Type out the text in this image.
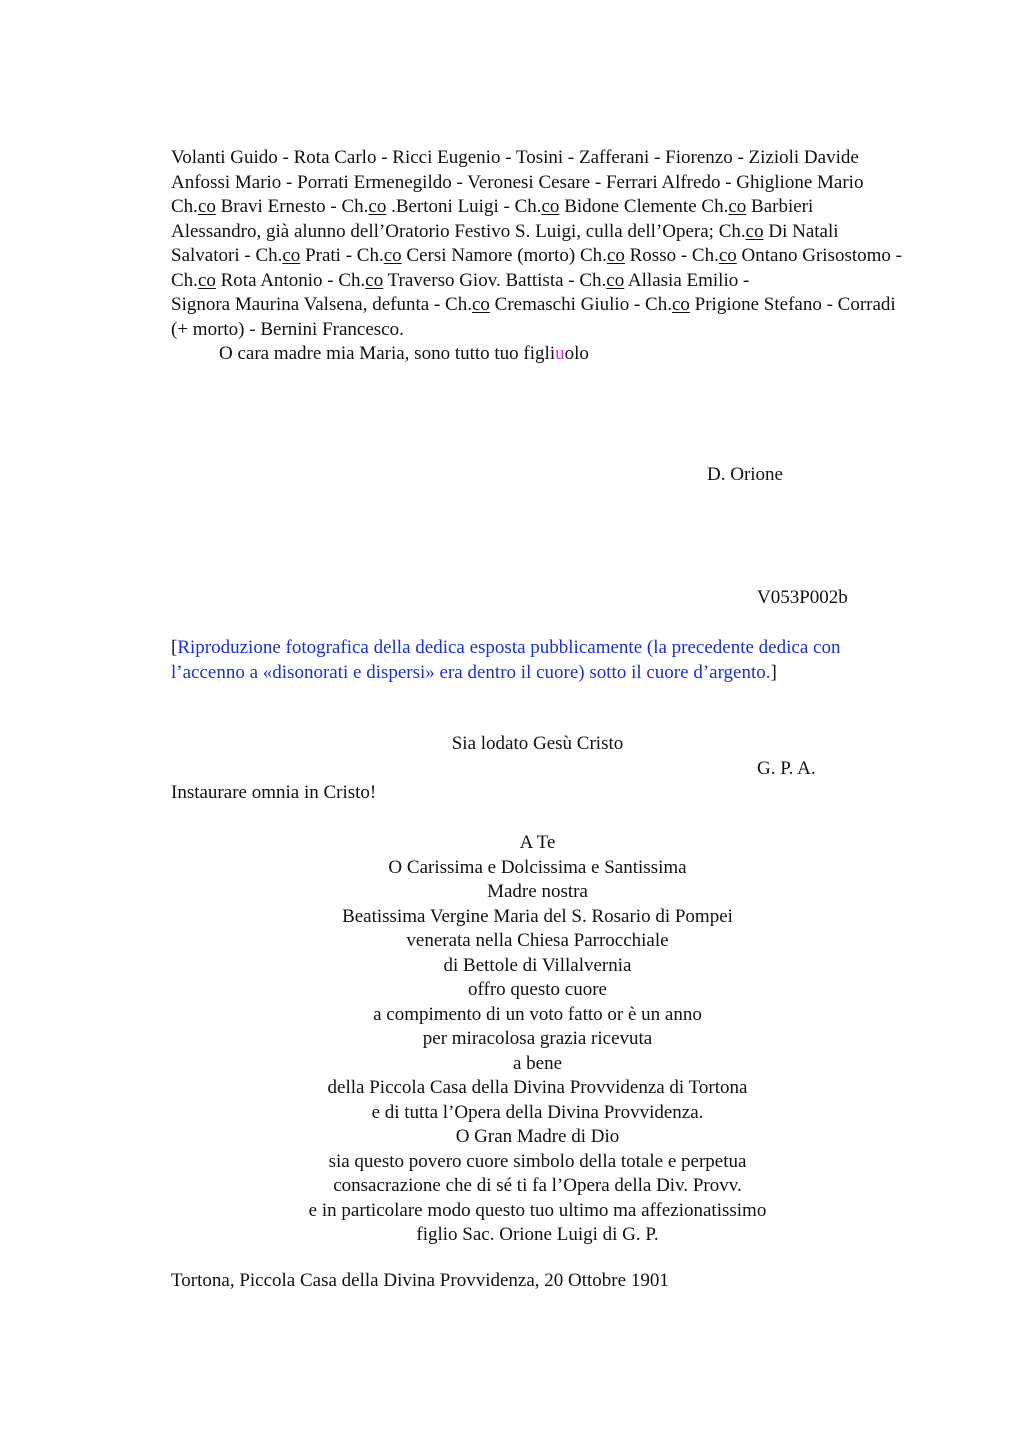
Volanti Guido - Rota Carlo - Ricci Eugenio - Tosini - Zafferani - Fiorenzo - Zizioli Davide

Anfossi Mario - Porrati Ermenegildo - Veronesi Cesare - Ferrari Alfredo - Ghiglione Mario

Ch.co Bravi Ernesto - Ch.co .Bertoni Luigi - Ch.co Bidone Clemente Ch.co Barbieri Alessandro, già alunno dell’Oratorio Festivo S. Luigi, culla dell’Opera; Ch.co Di Natali Salvatori - Ch.co Prati - Ch.co Cersi Namore (morto) Ch.co Rosso - Ch.co Ontano Grisostomo - Ch.co Rota Antonio - Ch.co Traverso Giov. Battista - Ch.co Allasia Emilio -

Signora Maurina Valsena, defunta - Ch.co Cremaschi Giulio - Ch.co Prigione Stefano - Corradi (+ morto) - Bernini Francesco.

O cara madre mia Maria, sono tutto tuo figliuolo

D. Orione
V053P002b
[Riproduzione fotografica della dedica esposta pubblicamente (la precedente dedica con l’accenno a «disonorati e dispersi» era dentro il cuore) sotto il cuore d’argento.]
Sia lodato Gesù Cristo
G. P. A.
Instaurare omnia in Cristo!
A Te
O Carissima e Dolcissima e Santissima
Madre nostra
Beatissima Vergine Maria del S. Rosario di Pompei
venerata nella Chiesa Parrocchiale
di Bettole di Villalvernia
offro questo cuore
a compimento di un voto fatto or è un anno
per miracolosa grazia ricevuta
a bene
della Piccola Casa della Divina Provvidenza di Tortona
e di tutta l’Opera della Divina Provvidenza.
O Gran Madre di Dio
sia questo povero cuore simbolo della totale e perpetua
consacrazione che di sé ti fa l’Opera della Div. Provv.
e in particolare modo questo tuo ultimo ma affezionatissimo
figlio Sac. Orione Luigi di G. P.
Tortona, Piccola Casa della Divina Provvidenza, 20 Ottobre 1901
